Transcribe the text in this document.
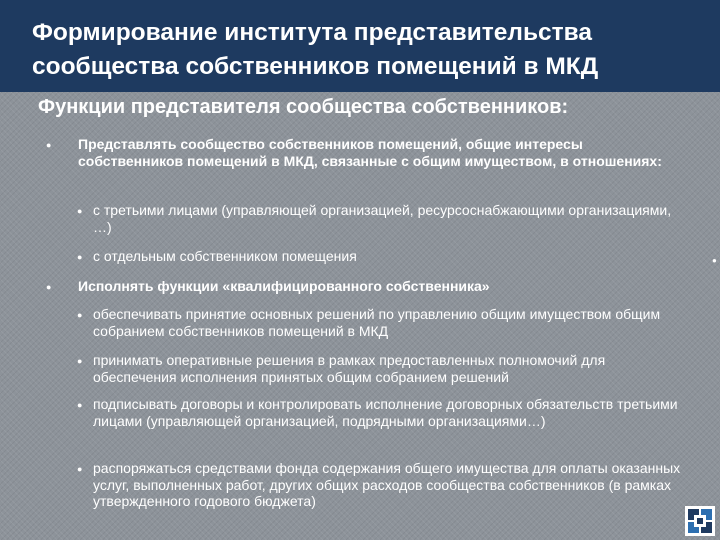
Формирование института представительства сообщества собственников помещений в МКД
Функции представителя сообщества собственников:
● Представлять сообщество собственников помещений, общие интересы собственников помещений в МКД, связанные с общим имуществом, в отношениях:
● с третьими лицами (управляющей организацией, ресурсоснабжающими организациями, …)
● с отдельным собственником помещения
● Исполнять функции «квалифицированного собственника»
● обеспечивать принятие основных решений по управлению общим имуществом общим собранием собственников помещений в МКД
● принимать оперативные решения в рамках предоставленных полномочий для обеспечения исполнения принятых общим собранием решений
● подписывать договоры и контролировать исполнение договорных обязательств третьими лицами (управляющей организацией, подрядными организациями…)
● распоряжаться средствами фонда содержания общего имущества для оплаты оказанных услуг, выполненных работ, других общих расходов сообщества собственников (в рамках утвержденного годового бюджета)
●
